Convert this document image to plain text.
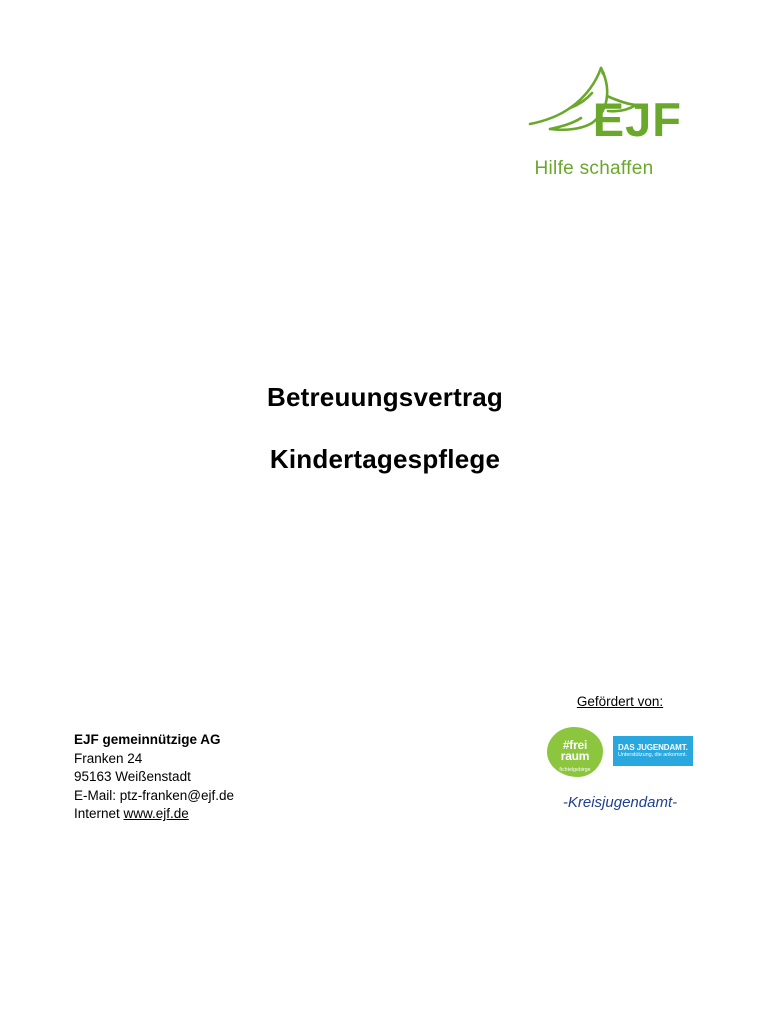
EJF
Hilfe schaffen
Betreuungsvertrag
Kindertagespflege
EJF gemeinnützige AG
Franken 24
95163 Weißenstadt
E-Mail: ptz-franken@ejf.de
Internet www.ejf.de
Gefördert von:
#frei
raum
fichtelgebirge
DAS JUGENDAMT.
Unterstützung, die ankommt.
-Kreisjugendamt-
